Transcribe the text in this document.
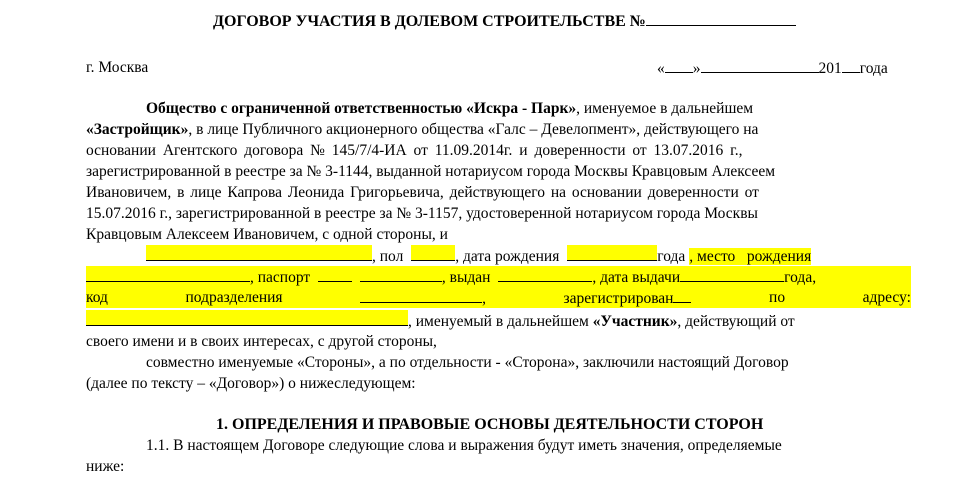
ДОГОВОР УЧАСТИЯ В ДОЛЕВОМ СТРОИТЕЛЬСТВЕ №
г. Москва	« »	201 года
Общество с ограниченной ответственностью «Искра - Парк», именуемое в дальнейшем
«Застройщик», в лице Публичного акционерного общества «Галс – Девелопмент», действующего на
основании Агентского договора № 145/7/4-ИА от 11.09.2014г. и доверенности от 13.07.2016 г.,
зарегистрированной в реестре за № 3-1144, выданной нотариусом города Москвы Кравцовым Алексеем
Ивановичем, в лице Капрова Леонида Григорьевича, действующего на основании доверенности от
15.07.2016 г., зарегистрированной в реестре за № 3-1157, удостоверенной нотариусом города Москвы
Кравцовым Алексеем Ивановичем, с одной стороны, и
, пол	, дата рождения	года , место рождения
, паспорт	, выдан	, дата выдачи	года,
код	подразделения	,	зарегистрирован	по	адресу:
, именуемый в дальнейшем «Участник», действующий от
своего имени и в своих интересах, с другой стороны,
совместно именуемые «Стороны», а по отдельности - «Сторона», заключили настоящий Договор
(далее по тексту – «Договор») о нижеследующем:
1. ОПРЕДЕЛЕНИЯ И ПРАВОВЫЕ ОСНОВЫ ДЕЯТЕЛЬНОСТИ СТОРОН
1.1. В настоящем Договоре следующие слова и выражения будут иметь значения, определяемые
ниже:
